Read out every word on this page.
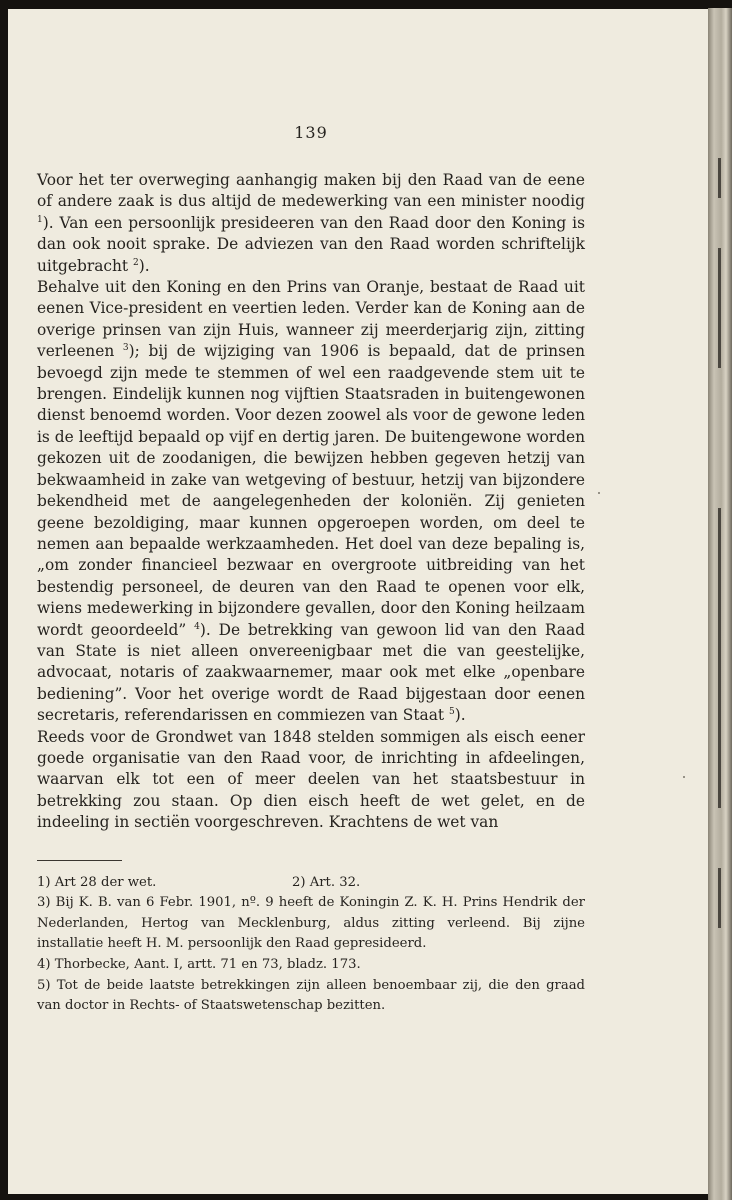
139

Voor het ter overweging aanhangig maken bij den Raad van de eene of andere zaak is dus altijd de medewerking van een minister noodig $^1$). Van een persoonlijk presideeren van den Raad door den Koning is dan ook nooit sprake. De adviezen van den Raad worden schriftelijk uitgebracht $^2$).

Behalve uit den Koning en den Prins van Oranje, bestaat de Raad uit eenen Vice-president en veertien leden. Verder kan de Koning aan de overige prinsen van zijn Huis, wanneer zij meerderjarig zijn, zitting verleenen $^3$); bij de wijziging van 1906 is bepaald, dat de prinsen bevoegd zijn mede te stemmen of wel een raadgevende stem uit te brengen. Eindelijk kunnen nog vijftien Staatsraden in buitengewonen dienst benoemd worden. Voor dezen zoowel als voor de gewone leden is de leeftijd bepaald op vijf en dertig jaren. De buitengewone worden gekozen uit de zoodanigen, die bewijzen hebben gegeven hetzij van bekwaamheid in zake van wetgeving of bestuur, hetzij van bijzondere bekendheid met de aangelegenheden der koloniën. Zij genieten geene bezoldiging, maar kunnen opgeroepen worden, om deel te nemen aan bepaalde werkzaamheden. Het doel van deze bepaling is, „om zonder financieel bezwaar en overgroote uitbreiding van het bestendig personeel, de deuren van den Raad te openen voor elk, wiens medewerking in bijzondere gevallen, door den Koning heilzaam wordt geoordeeld” $^4$). De betrekking van gewoon lid van den Raad van State is niet alleen onvereenigbaar met die van geestelijke, advocaat, notaris of zaakwaarnemer, maar ook met elke „openbare bediening”. Voor het overige wordt de Raad bijgestaan door eenen secretaris, referendarissen en commiezen van Staat $^5$).

Reeds voor de Grondwet van 1848 stelden sommigen als eisch eener goede organisatie van den Raad voor, de inrichting in afdeelingen, waarvan elk tot een of meer deelen van het staatsbestuur in betrekking zou staan. Op dien eisch heeft de wet gelet, en de indeeling in sectiën voorgeschreven. Krachtens de wet van

1) Art 28 der wet.	2) Art. 32.
3) Bij K. B. van 6 Febr. 1901, nº. 9 heeft de Koningin Z. K. H. Prins Hendrik der Nederlanden, Hertog van Mecklenburg, aldus zitting verleend. Bij zijne installatie heeft H. M. persoonlijk den Raad gepresideerd.
4) Thorbecke, Aant. I, artt. 71 en 73, bladz. 173.
5) Tot de beide laatste betrekkingen zijn alleen benoembaar zij, die den graad van doctor in Rechts- of Staatswetenschap bezitten.
